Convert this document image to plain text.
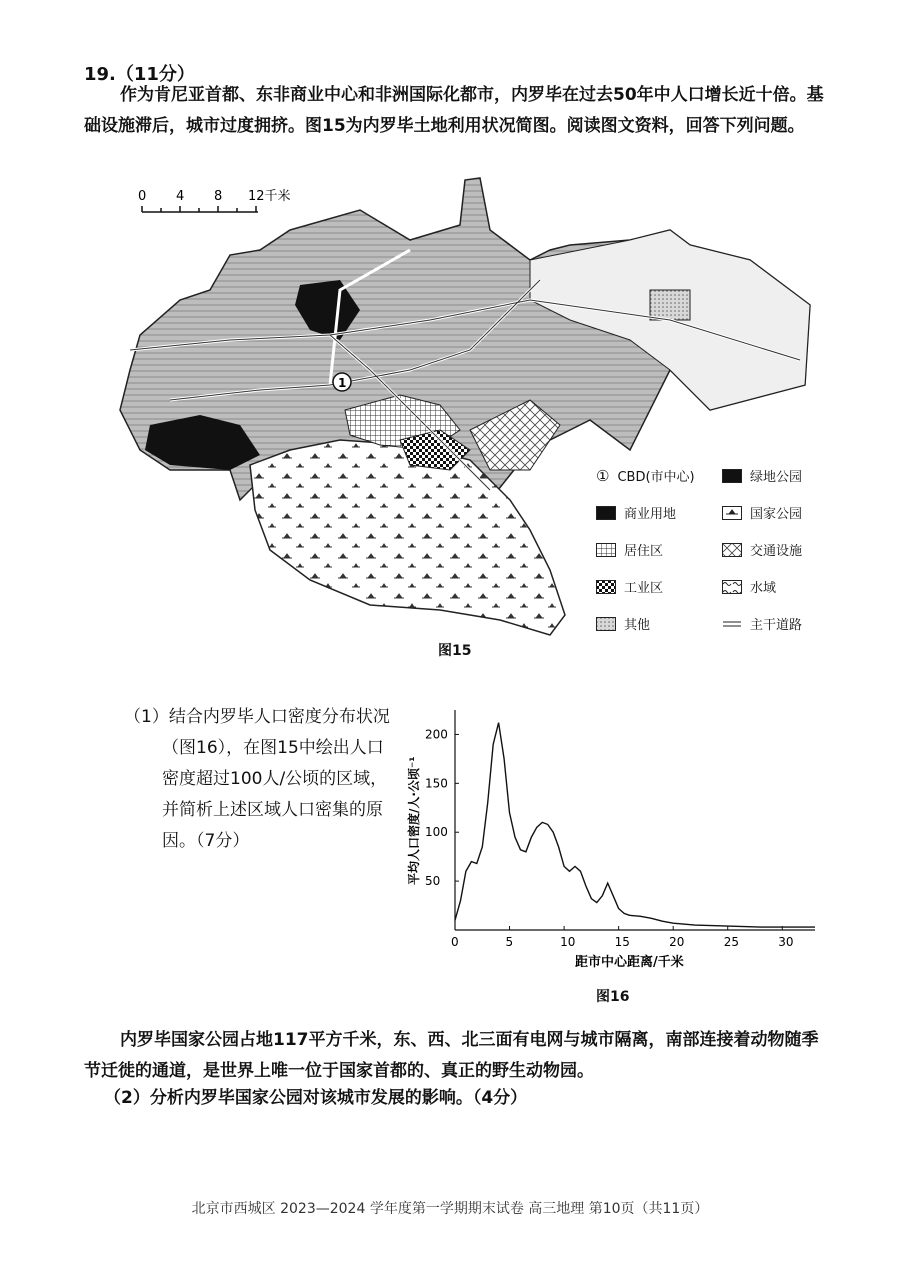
19.（11分）
作为肯尼亚首都、东非商业中心和非洲国际化都市，内罗毕在过去50年中人口增长近十倍。基础设施滞后，城市过度拥挤。图15为内罗毕土地利用状况简图。阅读图文资料，回答下列问题。
0 4 8 12千米
1
① CBD(市中心)	绿地公园
商业用地	国家公园
居住区	交通设施
工业区	水域
其他	主干道路
图15
（1）结合内罗毕人口密度分布状况（图16），在图15中绘出人口密度超过100人/公顷的区域，并简析上述区域人口密集的原因。（7分）
0	5	10	15	20	25	30
50
100
150
200
距市中心距离/千米
平均人口密度/人·公顷⁻¹
图16
内罗毕国家公园占地117平方千米，东、西、北三面有电网与城市隔离，南部连接着动物随季节迁徙的通道，是世界上唯一位于国家首都的、真正的野生动物园。
（2）分析内罗毕国家公园对该城市发展的影响。（4分）
北京市西城区 2023—2024 学年度第一学期期末试卷 高三地理 第10页（共11页）
